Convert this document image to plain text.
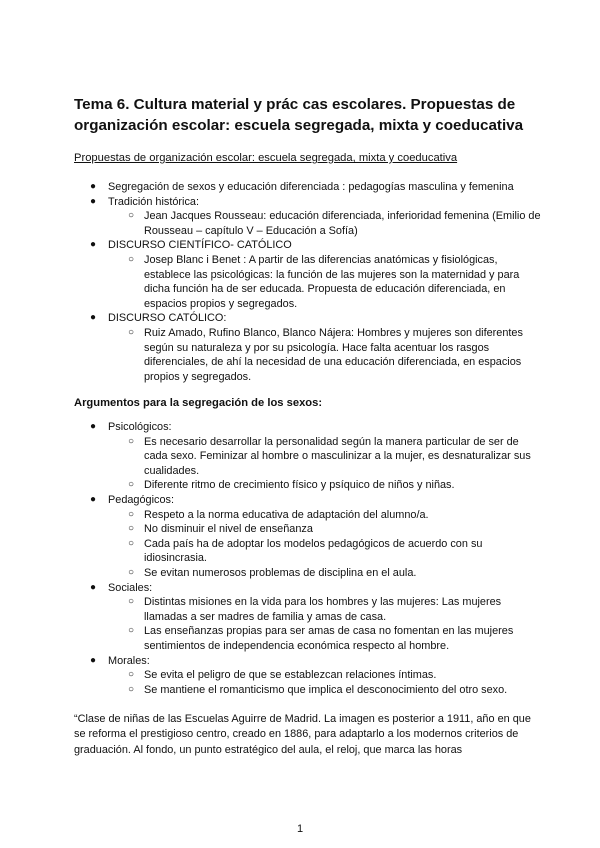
Tema 6. Cultura material y prác cas escolares. Propuestas de organización escolar: escuela segregada, mixta y coeducativa

Propuestas de organización escolar: escuela segregada, mixta y coeducativa

● Segregación de sexos y educación diferenciada : pedagogías masculina y femenina
● Tradición histórica:
○ Jean Jacques Rousseau: educación diferenciada, inferioridad femenina (Emilio de Rousseau – capítulo V – Educación a Sofía)
● DISCURSO CIENTÍFICO- CATÓLICO
○ Josep Blanc i Benet : A partir de las diferencias anatómicas y fisiológicas, establece las psicológicas: la función de las mujeres son la maternidad y para dicha función ha de ser educada. Propuesta de educación diferenciada, en espacios propios y segregados.
● DISCURSO CATÓLICO:
○ Ruiz Amado, Rufino Blanco, Blanco Nájera: Hombres y mujeres son diferentes según su naturaleza y por su psicología. Hace falta acentuar los rasgos diferenciales, de ahí la necesidad de una educación diferenciada, en espacios propios y segregados.

Argumentos para la segregación de los sexos:

● Psicológicos:
○ Es necesario desarrollar la personalidad según la manera particular de ser de cada sexo. Feminizar al hombre o masculinizar a la mujer, es desnaturalizar sus cualidades.
○ Diferente ritmo de crecimiento físico y psíquico de niños y niñas.
● Pedagógicos:
○ Respeto a la norma educativa de adaptación del alumno/a.
○ No disminuir el nivel de enseñanza
○ Cada país ha de adoptar los modelos pedagógicos de acuerdo con su idiosincrasia.
○ Se evitan numerosos problemas de disciplina en el aula.
● Sociales:
○ Distintas misiones en la vida para los hombres y las mujeres: Las mujeres llamadas a ser madres de familia y amas de casa.
○ Las enseñanzas propias para ser amas de casa no fomentan en las mujeres sentimientos de independencia económica respecto al hombre.
● Morales:
○ Se evita el peligro de que se establezcan relaciones íntimas.
○ Se mantiene el romanticismo que implica el desconocimiento del otro sexo.

“Clase de niñas de las Escuelas Aguirre de Madrid. La imagen es posterior a 1911, año en que se reforma el prestigioso centro, creado en 1886, para adaptarlo a los modernos criterios de graduación. Al fondo, un punto estratégico del aula, el reloj, que marca las horas

1
